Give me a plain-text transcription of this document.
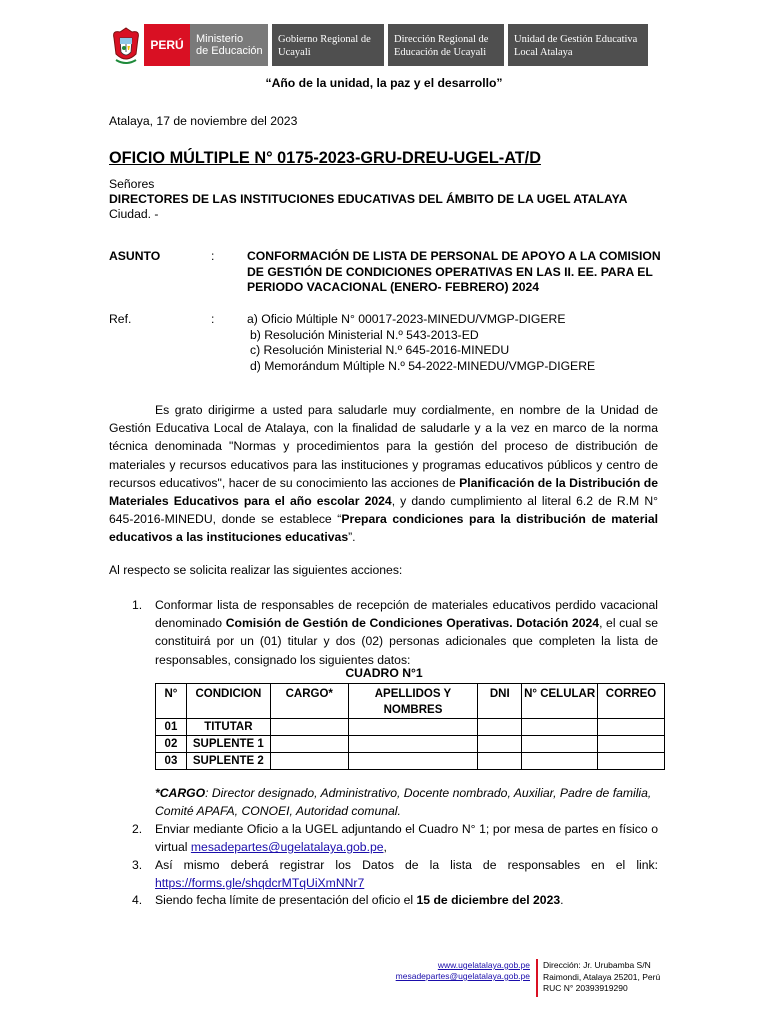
PERÚ Ministerio
de Educación
Gobierno Regional de
Ucayali
Dirección Regional de
Educación de Ucayali
Unidad de Gestión Educativa
Local Atalaya
“Año de la unidad, la paz y el desarrollo”
Atalaya, 17 de noviembre del 2023
OFICIO MÚLTIPLE N° 0175-2023-GRU-DREU-UGEL-AT/D
Señores
DIRECTORES DE LAS INSTITUCIONES EDUCATIVAS DEL ÁMBITO DE LA UGEL ATALAYA
Ciudad. -
ASUNTO	:	CONFORMACIÓN DE LISTA DE PERSONAL DE APOYO A LA COMISION
DE GESTIÓN DE CONDICIONES OPERATIVAS EN LAS II. EE. PARA EL
PERIODO VACACIONAL (ENERO- FEBRERO) 2024
Ref.	:	a) Oficio Múltiple N° 00017-2023-MINEDU/VMGP-DIGERE
b) Resolución Ministerial N.º 543-2013-ED
c) Resolución Ministerial N.º 645-2016-MINEDU
d) Memorándum Múltiple N.º 54-2022-MINEDU/VMGP-DIGERE
Es grato dirigirme a usted para saludarle muy cordialmente, en nombre de la Unidad de Gestión Educativa Local de Atalaya, con la finalidad de saludarle y a la vez en marco de la norma técnica denominada "Normas y procedimientos para la gestión del proceso de distribución de materiales y recursos educativos para las instituciones y programas educativos públicos y centro de recursos educativos", hacer de su conocimiento las acciones de Planificación de la Distribución de Materiales Educativos para el año escolar 2024, y dando cumplimiento al literal 6.2 de R.M N° 645-2016-MINEDU, donde se establece “Prepara condiciones para la distribución de material educativos a las instituciones educativas”.
Al respecto se solicita realizar las siguientes acciones:
1. Conformar lista de responsables de recepción de materiales educativos perdido vacacional denominado Comisión de Gestión de Condiciones Operativas. Dotación 2024, el cual se constituirá por un (01) titular y dos (02) personas adicionales que completen la lista de responsables, consignado los siguientes datos:
2. Enviar mediante Oficio a la UGEL adjuntando el Cuadro N° 1; por mesa de partes en físico o virtual mesadepartes@ugelatalaya.gob.pe,
3. Así mismo deberá registrar los Datos de la lista de responsables en el link: https://forms.gle/shqdcrMTqUiXmNNr7
4. Siendo fecha límite de presentación del oficio el 15 de diciembre del 2023.
CUADRO N°1
N°	CONDICION	CARGO*	APELLIDOS Y NOMBRES	DNI	N° CELULAR	CORREO
01	TITUTAR					
02	SUPLENTE 1					
03	SUPLENTE 2					
*CARGO: Director designado, Administrativo, Docente nombrado, Auxiliar, Padre de familia, Comité APAFA, CONOEI, Autoridad comunal.
www.ugelatalaya.gob.pe
mesadepartes@ugelatalaya.gob.pe
Dirección: Jr. Urubamba S/N
Raimondi, Atalaya 25201, Perú
RUC N° 20393919290
